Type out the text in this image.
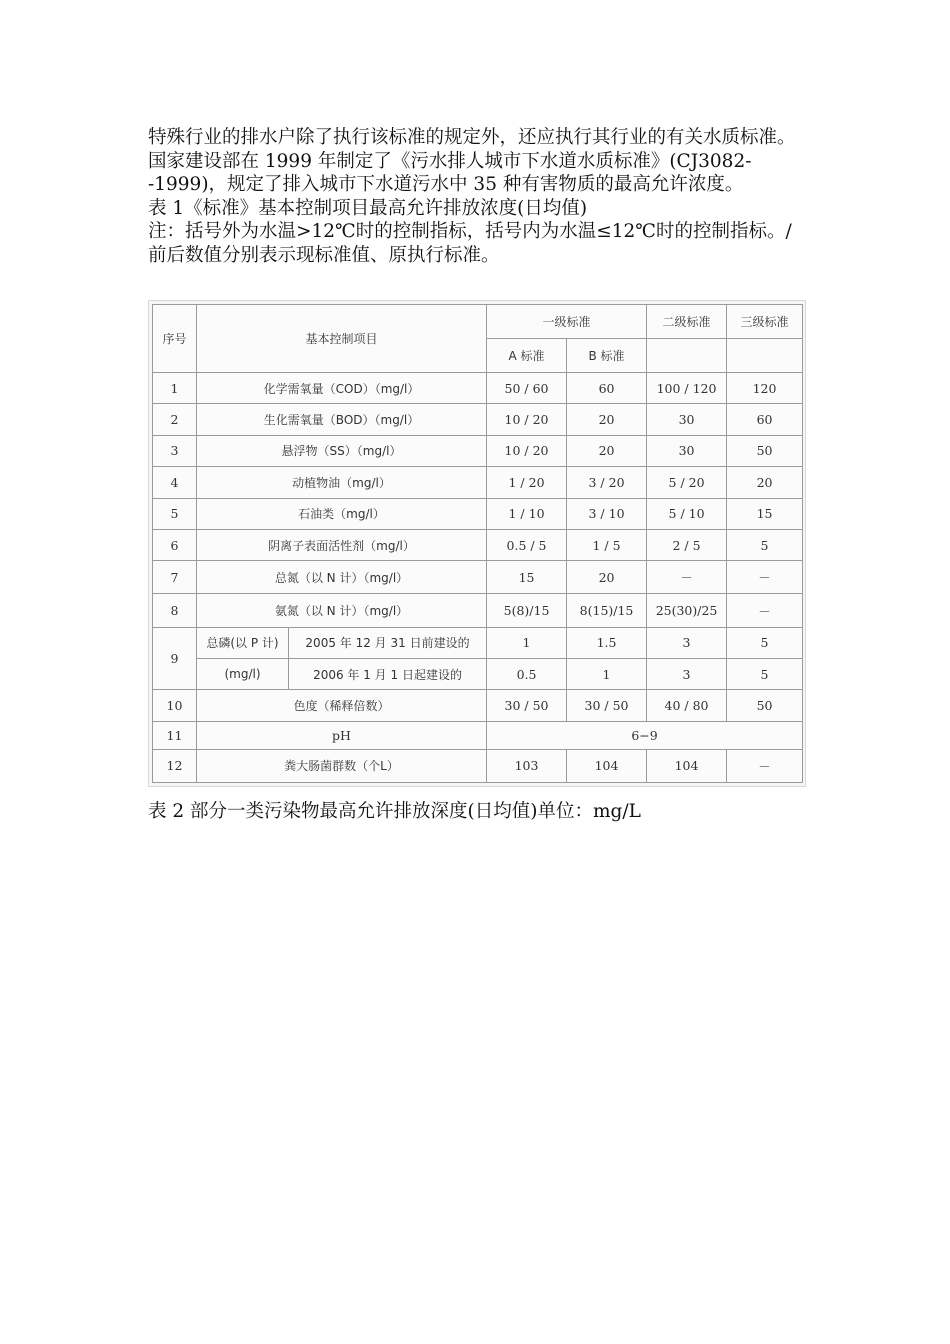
特殊行业的排水户除了执行该标准的规定外，还应执行其行业的有关水质标准。国家建设部在 1999 年制定了《污水排人城市下水道水质标准》(CJ3082--1999)，规定了排入城市下水道污水中 35 种有害物质的最高允许浓度。

表 1《标准》基本控制项目最高允许排放浓度(日均值)

注：括号外为水温>12℃时的控制指标，括号内为水温≤12℃时的控制指标。/前后数值分别表示现标准值、原执行标准。

序号	基本控制项目		一级标准		二级标准	三级标准
			A 标准	B 标准		
1	化学需氧量（COD）（mg/l）		50 / 60	60	100 / 120	120
2	生化需氧量（BOD）（mg/l）		10 / 20	20	30	60
3	悬浮物（SS）（mg/l）		10 / 20	20	30	50
4	动植物油（mg/l）		1 / 20	3 / 20	5 / 20	20
5	石油类（mg/l）		1 / 10	3 / 10	5 / 10	15
6	阴离子表面活性剂（mg/l）		0.5 / 5	1 / 5	2 / 5	5
7	总氮（以 N 计）（mg/l）		15	20	－	－
8	氨氮（以 N 计）（mg/l）		5(8)/15	8(15)/15	25(30)/25	－
9	总磷(以 P 计)	2005 年 12 月 31 日前建设的	1	1.5	3	5
	(mg/l)	2006 年 1 月 1 日起建设的	0.5	1	3	5
10	色度（稀释倍数）		30 / 50	30 / 50	40 / 80	50
11	pH		6−9			
12	粪大肠菌群数（个L）		103	104	104	－

表 2 部分一类污染物最高允许排放深度(日均值)单位：mg/L
